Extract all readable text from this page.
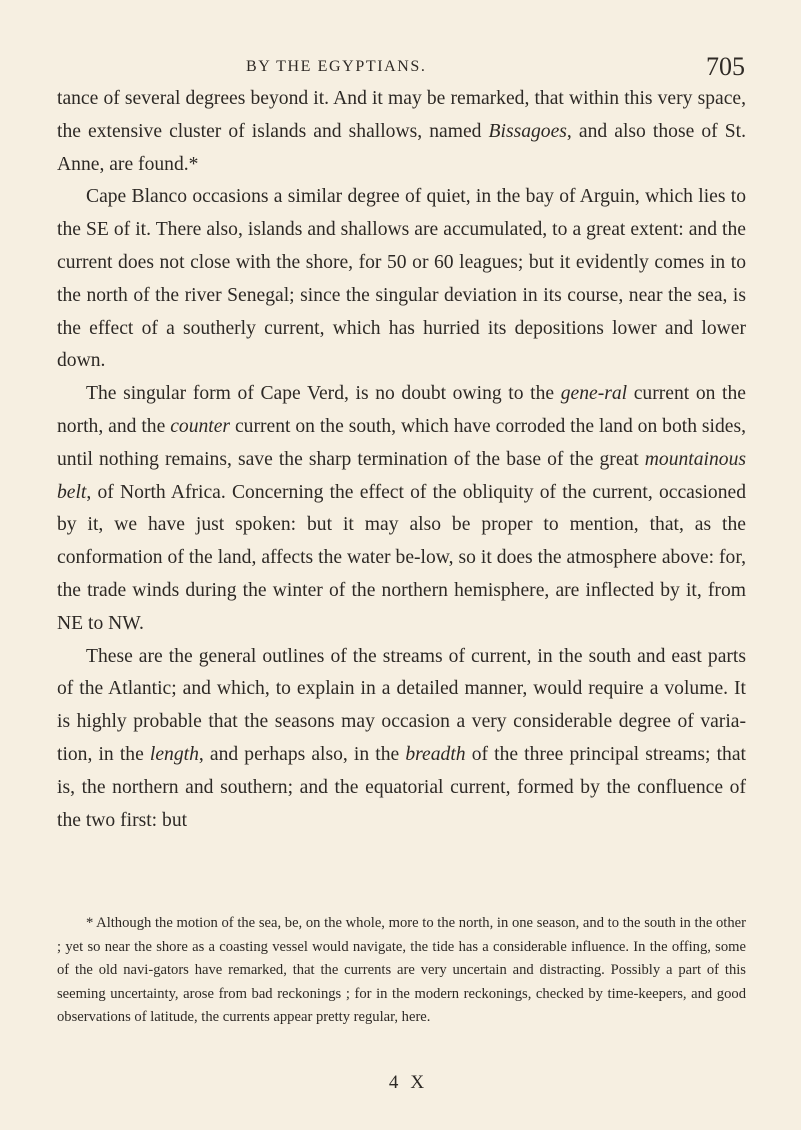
BY THE EGYPTIANS.	705

tance of several degrees beyond it. And it may be remarked, that within this very space, the extensive cluster of islands and shallows, named Bissagoes, and also those of St. Anne, are found.*

Cape Blanco occasions a similar degree of quiet, in the bay of Arguin, which lies to the SE of it. There also, islands and shallows are accumulated, to a great extent: and the current does not close with the shore, for 50 or 60 leagues; but it evidently comes in to the north of the river Senegal; since the singular deviation in its course, near the sea, is the effect of a southerly current, which has hurried its depositions lower and lower down.

The singular form of Cape Verd, is no doubt owing to the gene-ral current on the north, and the counter current on the south, which have corroded the land on both sides, until nothing remains, save the sharp termination of the base of the great mountainous belt, of North Africa. Concerning the effect of the obliquity of the current, occasioned by it, we have just spoken: but it may also be proper to mention, that, as the conformation of the land, affects the water be-low, so it does the atmosphere above: for, the trade winds during the winter of the northern hemisphere, are inflected by it, from NE to NW.

These are the general outlines of the streams of current, in the south and east parts of the Atlantic; and which, to explain in a detailed manner, would require a volume. It is highly probable that the seasons may occasion a very considerable degree of varia-tion, in the length, and perhaps also, in the breadth of the three principal streams; that is, the northern and southern; and the equatorial current, formed by the confluence of the two first: but

* Although the motion of the sea, be, on the whole, more to the north, in one season, and to the south in the other ; yet so near the shore as a coasting vessel would navigate, the tide has a considerable influence. In the offing, some of the old navi-gators have remarked, that the currents are very uncertain and distracting. Possibly a part of this seeming uncertainty, arose from bad reckonings ; for in the modern reckonings, checked by time-keepers, and good observations of latitude, the currents appear pretty regular, here.

4 X
